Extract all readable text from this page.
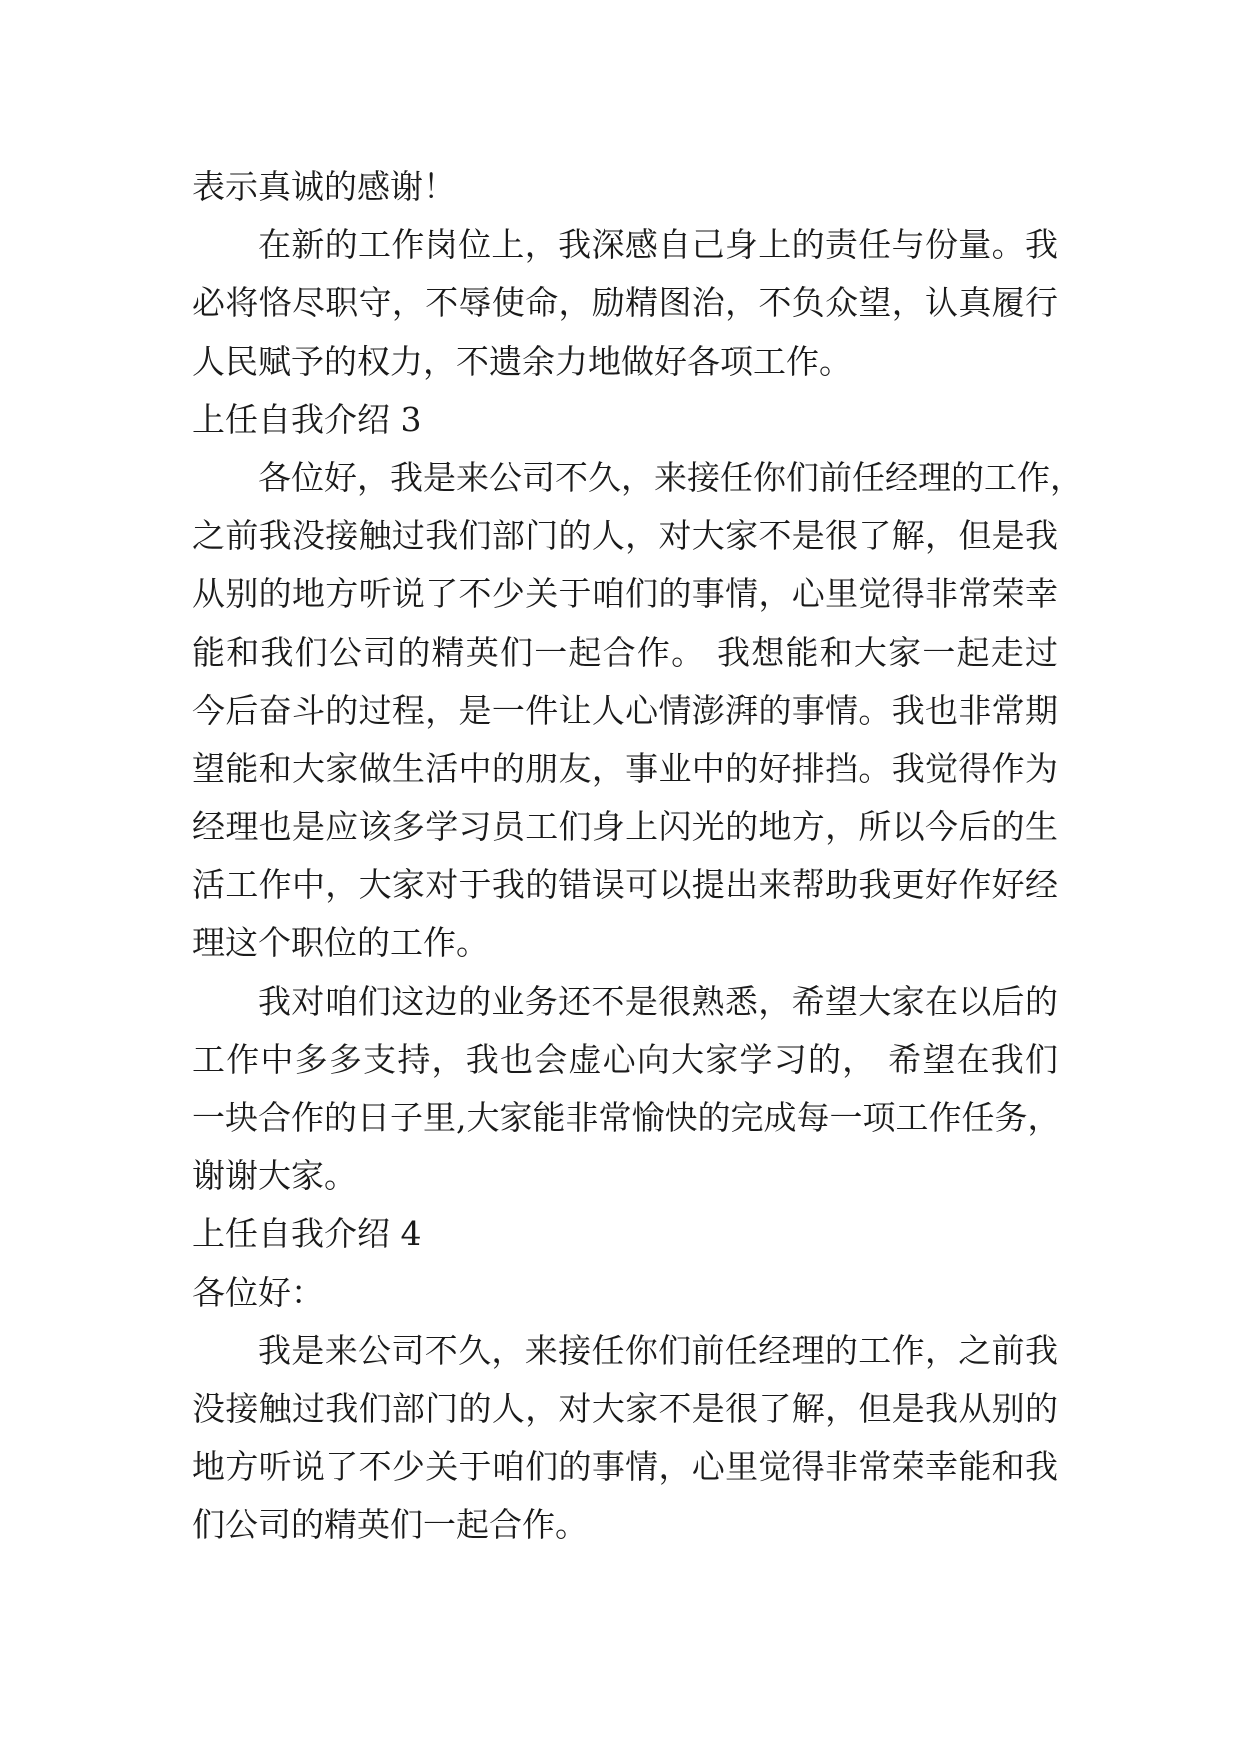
表示真诚的感谢！
在新的工作岗位上，我深感自己身上的责任与份量。我
必将恪尽职守，不辱使命，励精图治，不负众望，认真履行
人民赋予的权力，不遗余力地做好各项工作。
上任自我介绍 3
各位好，我是来公司不久，来接任你们前任经理的工作，
之前我没接触过我们部门的人，对大家不是很了解，但是我
从别的地方听说了不少关于咱们的事情，心里觉得非常荣幸
能和我们公司的精英们一起合作。 我想能和大家一起走过
今后奋斗的过程，是一件让人心情澎湃的事情。我也非常期
望能和大家做生活中的朋友，事业中的好排挡。我觉得作为
经理也是应该多学习员工们身上闪光的地方，所以今后的生
活工作中，大家对于我的错误可以提出来帮助我更好作好经
理这个职位的工作。
我对咱们这边的业务还不是很熟悉，希望大家在以后的
工作中多多支持，我也会虚心向大家学习的， 希望在我们
一块合作的日子里,大家能非常愉快的完成每一项工作任务，
谢谢大家。
上任自我介绍 4
各位好：
我是来公司不久，来接任你们前任经理的工作，之前我
没接触过我们部门的人，对大家不是很了解，但是我从别的
地方听说了不少关于咱们的事情，心里觉得非常荣幸能和我
们公司的精英们一起合作。
